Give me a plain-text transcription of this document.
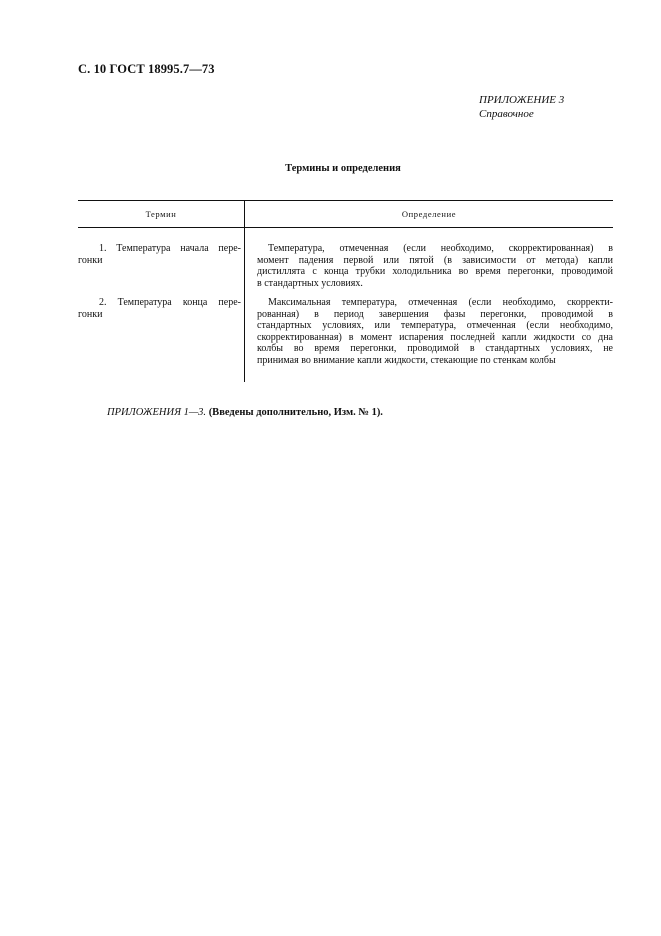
С. 10 ГОСТ 18995.7—73
ПРИЛОЖЕНИЕ 3
Справочное
Термины и определения
Термин	Определение
1. Температура начала пере-
гонки
Температура, отмеченная (если необходимо, скорректированная) в
момент падения первой или пятой (в зависимости от метода) капли
дистиллята с конца трубки холодильника во время перегонки, проводимой
в стандартных условиях.
2. Температура конца пере-
гонки
Максимальная температура, отмеченная (если необходимо, скорректи-
рованная) в период завершения фазы перегонки, проводимой в
стандартных условиях, или температура, отмеченная (если необходимо,
скорректированная) в момент испарения последней капли жидкости со дна
колбы во время перегонки, проводимой в стандартных условиях, не
принимая во внимание капли жидкости, стекающие по стенкам колбы
ПРИЛОЖЕНИЯ 1—3. (Введены дополнительно, Изм. № 1).
